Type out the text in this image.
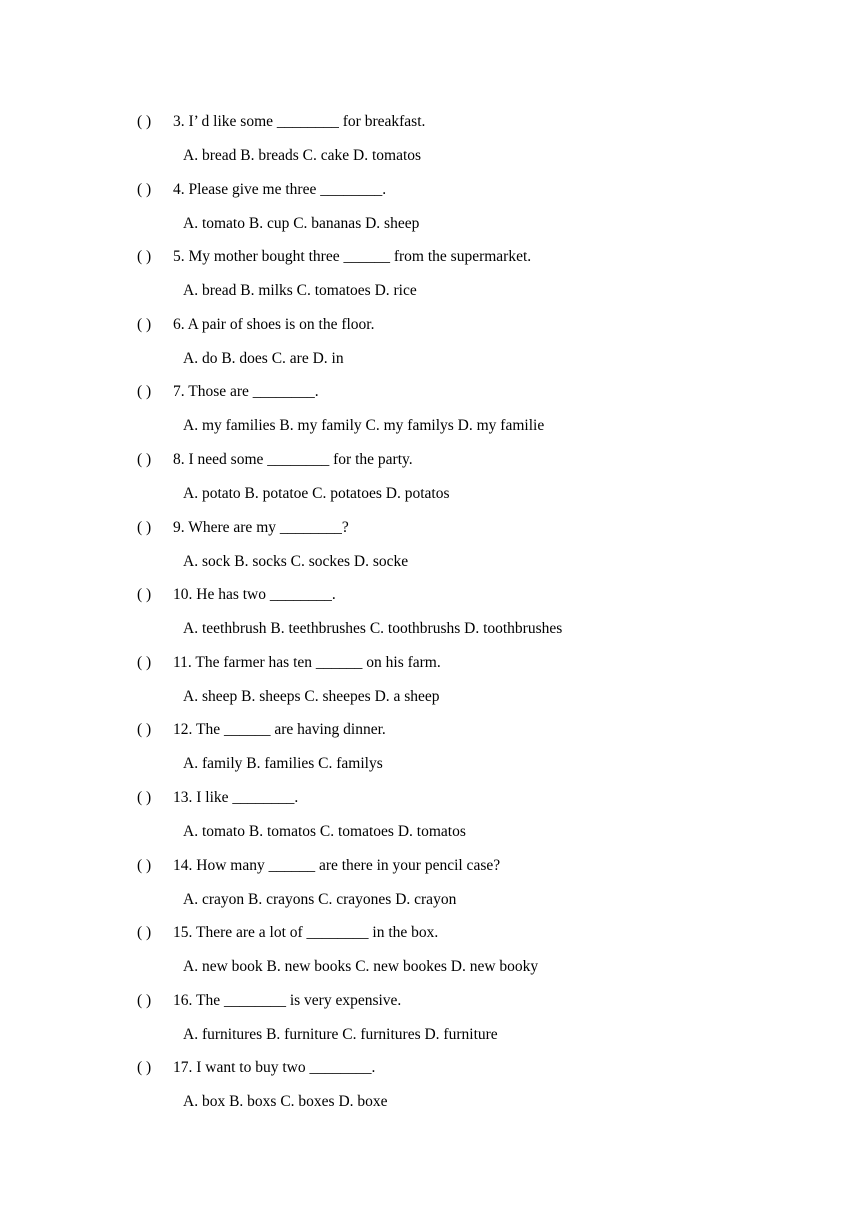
( ) 3. I’ d like some ________ for breakfast.
A. bread B. breads C. cake D. tomatos
( ) 4. Please give me three ________.
A. tomato B. cup C. bananas D. sheep
( ) 5. My mother bought three ______ from the supermarket.
A. bread B. milks C. tomatoes D. rice
( ) 6. A pair of shoes is on the floor.
A. do B. does C. are D. in
( ) 7. Those are ________.
A. my families B. my family C. my familys D. my familie
( ) 8. I need some ________ for the party.
A. potato B. potatoe C. potatoes D. potatos
( ) 9. Where are my ________?
A. sock B. socks C. sockes D. socke
( ) 10. He has two ________.
A. teethbrush B. teethbrushes C. toothbrushs D. toothbrushes
( ) 11. The farmer has ten ______ on his farm.
A. sheep B. sheeps C. sheepes D. a sheep
( ) 12. The ______ are having dinner.
A. family B. families C. familys
( ) 13. I like ________.
A. tomato B. tomatos C. tomatoes D. tomatos
( ) 14. How many ______ are there in your pencil case?
A. crayon B. crayons C. crayones D. crayon
( ) 15. There are a lot of ________ in the box.
A. new book B. new books C. new bookes D. new booky
( ) 16. The ________ is very expensive.
A. furnitures B. furniture C. furnitures D. furniture
( ) 17. I want to buy two ________.
A. box B. boxs C. boxes D. boxe
